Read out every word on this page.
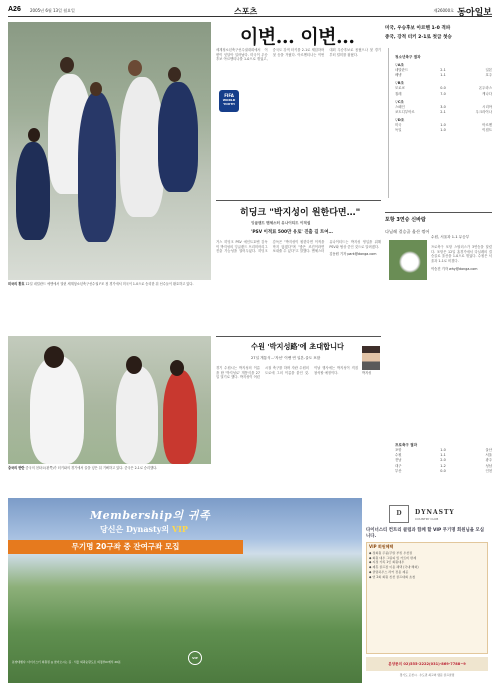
A26 2005년 6월 13일 월요일	스포츠	제26000호 동아일보
미국의 환호 12일 네덜란드 에멘에서 열린 세계청소년축구선수권 F조 첫 경기에서 미국이 1-0으로 승리한 뒤 선수들이 환호하고 있다.
FIFA
WORLD YOUTH
이변… 이변…	미국, 우승후보 아르헨 1-0 격파
중국, 강적 터키 2-1로 첫급 첫승
세계청소년축구선수권대회에서 이변이 잇달아 일어났다. 미국이 우승후보 아르헨티나를 1-0으로 꺾었고, 중국도 강적 터키를 2-1로 제압하며 첫 승을 거뒀다. 아르헨티나는 이번 대회 우승후보로 꼽혔으나 첫 경기부터 덜미를 잡혔다.
청소년축구 결과
▽A조
네덜란드	2-1	일본
베냉	1-1	호주
▽B조
모로코	0-0	온두라스
칠레	7-0	캐나다
▽C조
스페인	3-0	시리아
코트디부아르	2-1	우크라이나
▽D조
미국	1-0	아르헨
독일	1-0	이집트
히딩크 "박지성이 원한다면…"
잉글랜드 맨체스터 유나이티드 이적설
'PSV 이적료 500만 유로' 진출 길 트여…
거스 히딩크 PSV 에인트호벤 감독이 박지성의 잉글랜드 프리미어리그 진출 가능성을 열어두었다. 히딩크 감독은 "박지성이 원한다면 이적을 막지 않겠다"며 "좋은 조건이라면 보내줄 수 있다"고 말했다. 맨체스터 유나이티드는 박지성 영입을 위해 PSV와 협상 중인 것으로 알려졌다.
김동원 기자 park@donga.com
포항 3연승 신바람
다닐레 결승골 울산 꺾어
수원, 서울과 1-1 무승부
프로축구 포항 스틸러스가 3연승을 달렸다. 포항은 12일 홈경기에서 다닐레의 결승골로 울산을 1-0으로 꺾었다. 수원은 서울과 1-1로 비겼다.
이승건 기자 why@donga.com
프로축구 결과
포항	1-0	울산
수원	1-1	서울
전남	2-0	광주
대구	1-2	성남
부산	0-0	인천
중국의 반란 중국의 천타오(왼쪽)가 터키와의 경기에서 골을 넣은 뒤 기뻐하고 있다. 중국은 2-1로 승리했다.
수원 '박지성路'에 초대합니다
27일 개통식…'자선' 이벤 연 일본-골도 포함
박지성
경기 수원시는 박지성의 이름을 딴 '박지성로' 개통식을 27일 열기로 했다. 박지성이 어린 시절 축구를 하며 자란 수원의 도로에 그의 이름을 붙인 것. 이날 행사에는 박지성이 직접 참석할 예정이다.
Membership의 귀족
당신은 Dynasty의 VIP
무기명 20구좌 중 잔여구좌 모집
분양대행사: 다이너스티 회원권 ◎ 찾아오시는 길 · 서울 외곽순환도로 의정부IC에서 20분
VIP
D	DYNASTY
COUNTRY CLUB
다이너스티 컨트리 클럽과 함께 할 VIP 무기명 회원님을 모십니다.
VIP 회원혜택
◆ 정회원 주중/주말 부킹 우선권
◆ 회원 대우 그린피 및 카트비 면제
◆ 지정 가족 1인 회원대우
◆ 제휴 골프장 이용 혜택 (국내·해외)
◆ 클럽하우스 라커 전용 제공
◆ 연 2회 회원 친선 골프대회 초청
분양문의 02)555-2222(031)-869-7788~9
경기도 포천시 · 수도권 최고의 명문 골프클럽
